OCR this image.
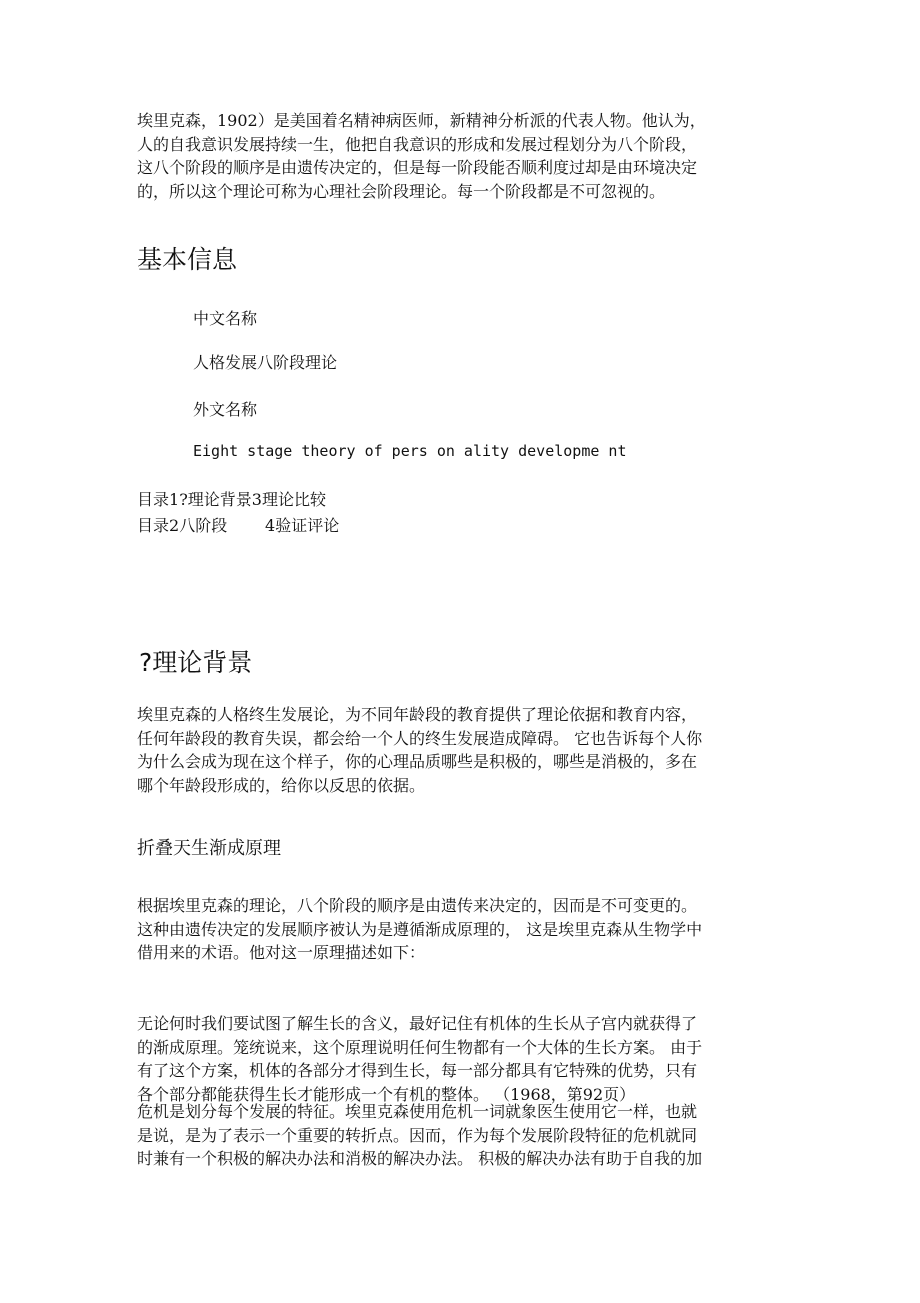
埃里克森，1902）是美国着名精神病医师，新精神分析派的代表人物。他认为，
人的自我意识发展持续一生，他把自我意识的形成和发展过程划分为八个阶段，
这八个阶段的顺序是由遗传决定的，但是每一阶段能否顺利度过却是由环境决定
的，所以这个理论可称为心理社会阶段理论。每一个阶段都是不可忽视的。
基本信息
中文名称
人格发展八阶段理论
外文名称
Eight stage theory of pers on ality developme nt
目录1?理论背景3理论比较
目录2八阶段 4验证评论
?理论背景
埃里克森的人格终生发展论，为不同年龄段的教育提供了理论依据和教育内容，
任何年龄段的教育失误，都会给一个人的终生发展造成障碍。 它也告诉每个人你
为什么会成为现在这个样子，你的心理品质哪些是积极的，哪些是消极的，多在
哪个年龄段形成的，给你以反思的依据。
折叠天生渐成原理
根据埃里克森的理论，八个阶段的顺序是由遗传来决定的，因而是不可变更的。
这种由遗传决定的发展顺序被认为是遵循渐成原理的， 这是埃里克森从生物学中
借用来的术语。他对这一原理描述如下：
无论何时我们要试图了解生长的含义，最好记住有机体的生长从子宫内就获得了
的渐成原理。笼统说来，这个原理说明任何生物都有一个大体的生长方案。 由于
有了这个方案，机体的各部分才得到生长，每一部分都具有它特殊的优势，只有
各个部分都能获得生长才能形成一个有机的整体。 （1968，第92页）
危机是划分每个发展的特征。埃里克森使用危机一词就象医生使用它一样，也就
是说，是为了表示一个重要的转折点。因而，作为每个发展阶段特征的危机就同
时兼有一个积极的解决办法和消极的解决办法。 积极的解决办法有助于自我的加
